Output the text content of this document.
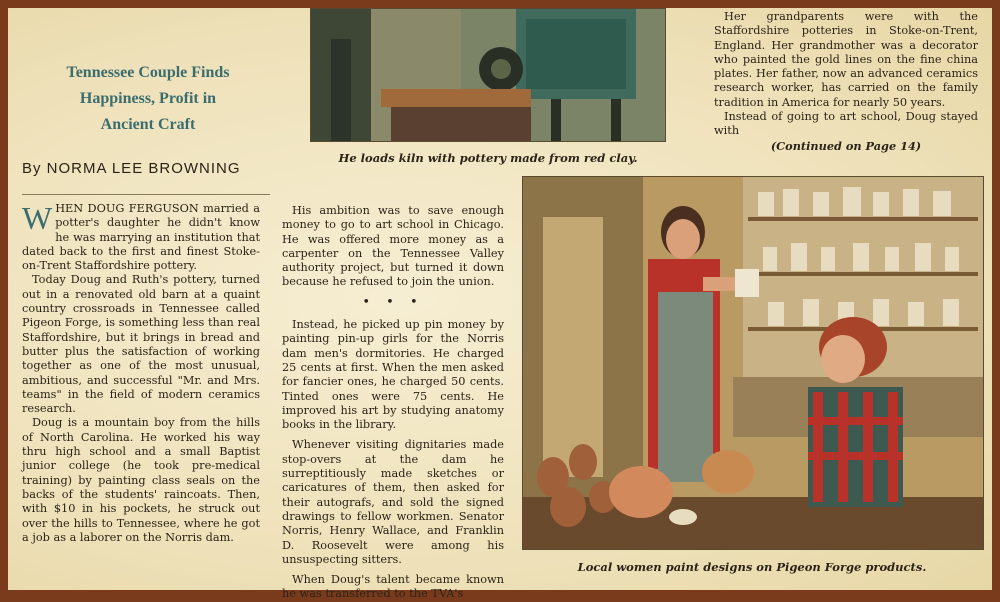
Tennessee Couple Finds
Happiness, Profit in
Ancient Craft
By NORMA LEE BROWNING

WHEN DOUG FERGUSON married a potter's daughter he didn't know he was marrying an institution that dated back to the first and finest Stoke-on-Trent Staffordshire pottery.

Today Doug and Ruth's pottery, turned out in a renovated old barn at a quaint country crossroads in Tennessee called Pigeon Forge, is something less than real Staffordshire, but it brings in bread and butter plus the satisfaction of working together as one of the most unusual, ambitious, and successful "Mr. and Mrs. teams" in the field of modern ceramics research.

Doug is a mountain boy from the hills of North Carolina. He worked his way thru high school and a small Baptist junior college (he took pre-medical training) by painting class seals on the backs of the students' raincoats. Then, with $10 in his pockets, he struck out over the hills to Tennessee, where he got a job as a laborer on the Norris dam.

His ambition was to save enough money to go to art school in Chicago. He was offered more money as a carpenter on the Tennessee Valley authority project, but turned it down because he refused to join the union.

• • •

Instead, he picked up pin money by painting pin-up girls for the Norris dam men's dormitories. He charged 25 cents at first. When the men asked for fancier ones, he charged 50 cents. Tinted ones were 75 cents. He improved his art by studying anatomy books in the library.

Whenever visiting dignitaries made stop-overs at the dam he surreptitiously made sketches or caricatures of them, then asked for their autografs, and sold the signed drawings to fellow workmen. Senator Norris, Henry Wallace, and Franklin D. Roosevelt were among his unsuspecting sitters.

When Doug's talent became known he was transferred to the TVA's

Her grandparents were with the Staffordshire potteries in Stoke-on-Trent, England. Her grandmother was a decorator who painted the gold lines on the fine china plates. Her father, now an advanced ceramics research worker, has carried on the family tradition in America for nearly 50 years.

Instead of going to art school, Doug stayed with

(Continued on Page 14)
He loads kiln with pottery made from red clay.
Local women paint designs on Pigeon Forge products.
